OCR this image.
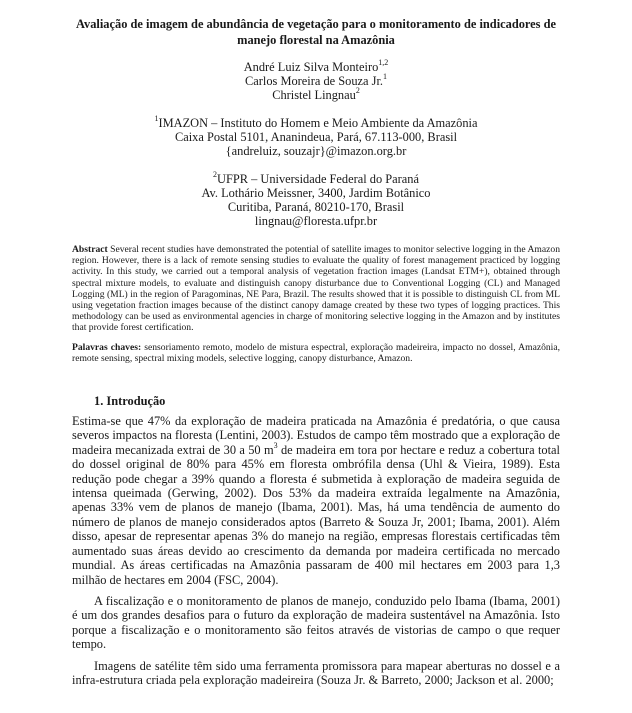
Avaliação de imagem de abundância de vegetação para o monitoramento de indicadores de manejo florestal na Amazônia
André Luiz Silva Monteiro$^{1,2}$
Carlos Moreira de Souza Jr.$^1$
Christel Lingnau$^2$
$^1$IMAZON – Instituto do Homem e Meio Ambiente da Amazônia
Caixa Postal 5101, Ananindeua, Pará, 67.113-000, Brasil
{andreluiz, souzajr}@imazon.org.br
$^2$UFPR – Universidade Federal do Paraná
Av. Lothário Meissner, 3400, Jardim Botânico
Curitiba, Paraná, 80210-170, Brasil
lingnau@floresta.ufpr.br

Abstract Several recent studies have demonstrated the potential of satellite images to monitor selective logging in the Amazon region. However, there is a lack of remote sensing studies to evaluate the quality of forest management practiced by logging activity. In this study, we carried out a temporal analysis of vegetation fraction images (Landsat ETM+), obtained through spectral mixture models, to evaluate and distinguish canopy disturbance due to Conventional Logging (CL) and Managed Logging (ML) in the region of Paragominas, NE Para, Brazil. The results showed that it is possible to distinguish CL from ML using vegetation fraction images because of the distinct canopy damage created by these two types of logging practices. This methodology can be used as environmental agencies in charge of monitoring selective logging in the Amazon and by institutes that provide forest certification.

Palavras chaves: sensoriamento remoto, modelo de mistura espectral, exploração madeireira, impacto no dossel, Amazônia, remote sensing, spectral mixing models, selective logging, canopy disturbance, Amazon.

1. Introdução

Estima-se que 47% da exploração de madeira praticada na Amazônia é predatória, o que causa severos impactos na floresta (Lentini, 2003). Estudos de campo têm mostrado que a exploração de madeira mecanizada extrai de 30 a 50 $m^3$ de madeira em tora por hectare e reduz a cobertura total do dossel original de 80% para 45% em floresta ombrófila densa (Uhl & Vieira, 1989). Esta redução pode chegar a 39% quando a floresta é submetida à exploração de madeira seguida de intensa queimada (Gerwing, 2002). Dos 53% da madeira extraída legalmente na Amazônia, apenas 33% vem de planos de manejo (Ibama, 2001). Mas, há uma tendência de aumento do número de planos de manejo considerados aptos (Barreto & Souza Jr, 2001; Ibama, 2001). Além disso, apesar de representar apenas 3% do manejo na região, empresas florestais certificadas têm aumentado suas áreas devido ao crescimento da demanda por madeira certificada no mercado mundial. As áreas certificadas na Amazônia passaram de 400 mil hectares em 2003 para 1,3 milhão de hectares em 2004 (FSC, 2004).

A fiscalização e o monitoramento de planos de manejo, conduzido pelo Ibama (Ibama, 2001) é um dos grandes desafios para o futuro da exploração de madeira sustentável na Amazônia. Isto porque a fiscalização e o monitoramento são feitos através de vistorias de campo o que requer tempo.

Imagens de satélite têm sido uma ferramenta promissora para mapear aberturas no dossel e a infra-estrutura criada pela exploração madeireira (Souza Jr. & Barreto, 2000; Jackson et al. 2000;
